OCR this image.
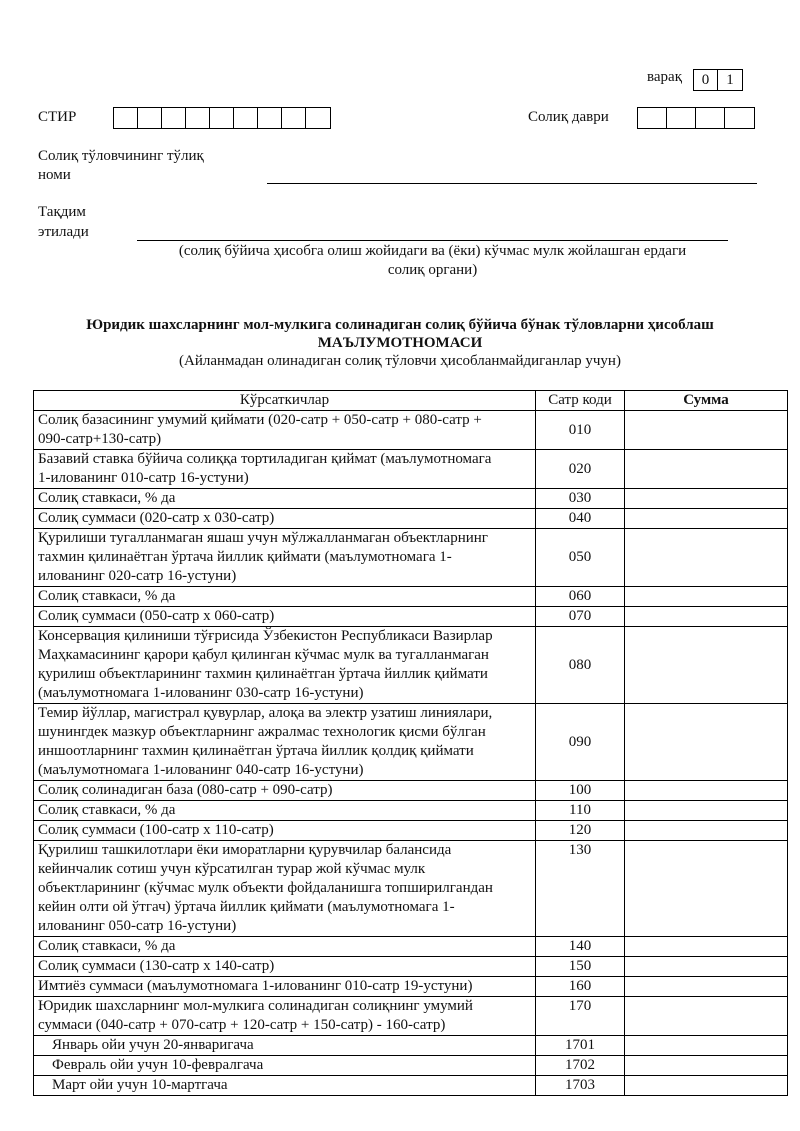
варақ	0	1
СТИР	Солиқ даври
Солиқ тўловчининг тўлиқ
номи
Тақдим
этилади
(солиқ бўйича ҳисобга олиш жойидаги ва (ёки) кўчмас мулк жойлашган ердаги
солиқ органи)
Юридик шахсларнинг мол-мулкига солинадиган солиқ бўйича бўнак тўловларни ҳисоблаш
МАЪЛУМОТНОМАСИ
(Айланмадан олинадиган солиқ тўловчи ҳисобланмайдиганлар учун)
Кўрсаткичлар	Сатр коди	Сумма

Солиқ базасининг умумий қиймати (020-сатр + 050-сатр + 080-сатр +
090-сатр+130-сатр)	010	

Базавий ставка бўйича солиққа тортиладиган қиймат (маълумотномага
1-илованинг 010-сатр 16-устуни)	020	

Солиқ ставкаси, % да	030	

Солиқ суммаси (020-сатр х 030-сатр)	040	

Қурилиши тугалланмаган яшаш учун мўлжалланмаган объектларнинг
тахмин қилинаётган ўртача йиллик қиймати (маълумотномага 1-
илованинг 020-сатр 16-устуни)	050	

Солиқ ставкаси, % да	060	

Солиқ суммаси (050-сатр х 060-сатр)	070	

Консервация қилиниши тўғрисида Ўзбекистон Республикаси Вазирлар
Маҳкамасининг қарори қабул қилинган кўчмас мулк ва тугалланмаган
қурилиш объектларининг тахмин қилинаётган ўртача йиллик қиймати
(маълумотномага 1-илованинг 030-сатр 16-устуни)	080	

Темир йўллар, магистрал қувурлар, алоқа ва электр узатиш линиялари,
шунингдек мазкур объектларнинг ажралмас технологик қисми бўлган
иншоотларнинг тахмин қилинаётган ўртача йиллик қолдиқ қиймати
(маълумотномага 1-илованинг 040-сатр 16-устуни)	090	

Солиқ солинадиган база (080-сатр + 090-сатр)	100	

Солиқ ставкаси, % да	110	

Солиқ суммаси (100-сатр х 110-сатр)	120	

Қурилиш ташкилотлари ёки иморатларни қурувчилар балансида
кейинчалик сотиш учун кўрсатилган турар жой кўчмас мулк
объектларининг (кўчмас мулк объекти фойдаланишга топширилгандан
кейин олти ой ўтгач) ўртача йиллик қиймати (маълумотномага 1-
илованинг 050-сатр 16-устуни)	130	

Солиқ ставкаси, % да	140	

Солиқ суммаси (130-сатр х 140-сатр)	150	

Имтиёз суммаси (маълумотномага 1-илованинг 010-сатр 19-устуни)	160	

Юридик шахсларнинг мол-мулкига солинадиган солиқнинг умумий
суммаси (040-сатр + 070-сатр + 120-сатр + 150-сатр) - 160-сатр)	170	

Январь ойи учун 20-январигача	1701	

Февраль ойи учун 10-февралгача	1702	

Март ойи учун 10-мартгача	1703	
